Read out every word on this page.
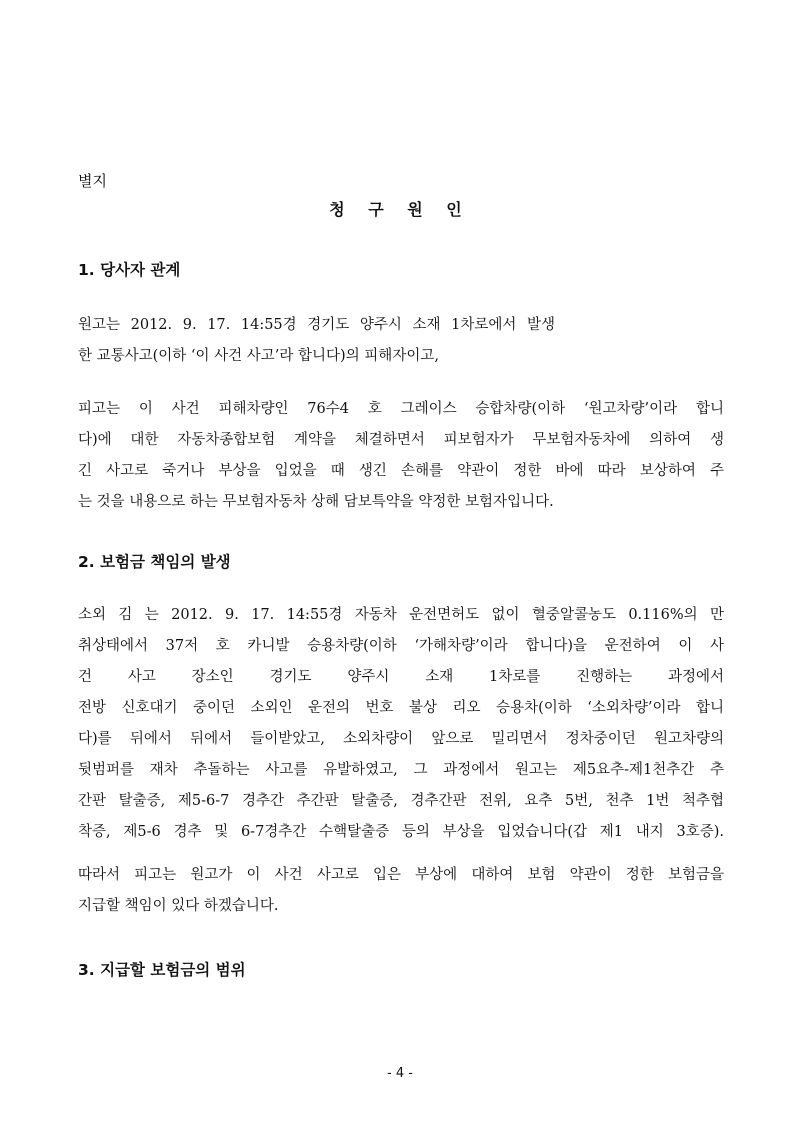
별지
청 구 원 인
1. 당사자 관계
원고는 2012. 9. 17. 14:55경 경기도 양주시 소재 1차로에서 발생
한 교통사고(이하 ‘이 사건 사고’라 합니다)의 피해자이고,
피고는 이 사건 피해차량인 76수4 호 그레이스 승합차량(이하 ‘원고차량’이라 합니
다)에 대한 자동차종합보험 계약을 체결하면서 피보험자가 무보험자동차에 의하여 생
긴 사고로 죽거나 부상을 입었을 때 생긴 손해를 약관이 정한 바에 따라 보상하여 주
는 것을 내용으로 하는 무보험자동차 상해 담보특약을 약정한 보험자입니다.
2. 보험금 책임의 발생
소외 김 는 2012. 9. 17. 14:55경 자동차 운전면허도 없이 혈중알콜농도 0.116%의 만
취상태에서 37저 호 카니발 승용차량(이하 ‘가해차량’이라 합니다)을 운전하여 이 사
건 사고 장소인 경기도 양주시 소재 1차로를 진행하는 과정에서
전방 신호대기 중이던 소외인 운전의 번호 불상 리오 승용차(이하 ‘소외차량’이라 합니
다)를 뒤에서 뒤에서 들이받았고, 소외차량이 앞으로 밀리면서 정차중이던 원고차량의
뒷범퍼를 재차 추돌하는 사고를 유발하였고, 그 과정에서 원고는 제5요추-제1천추간 추
간판 탈출증, 제5-6-7 경추간 추간판 탈출증, 경추간판 전위, 요추 5번, 천추 1번 척추협
착증, 제5-6 경추 및 6-7경추간 수핵탈출증 등의 부상을 입었습니다(갑 제1 내지 3호증).
따라서 피고는 원고가 이 사건 사고로 입은 부상에 대하여 보험 약관이 정한 보험금을
지급할 책임이 있다 하겠습니다.
3. 지급할 보험금의 범위
- 4 -
